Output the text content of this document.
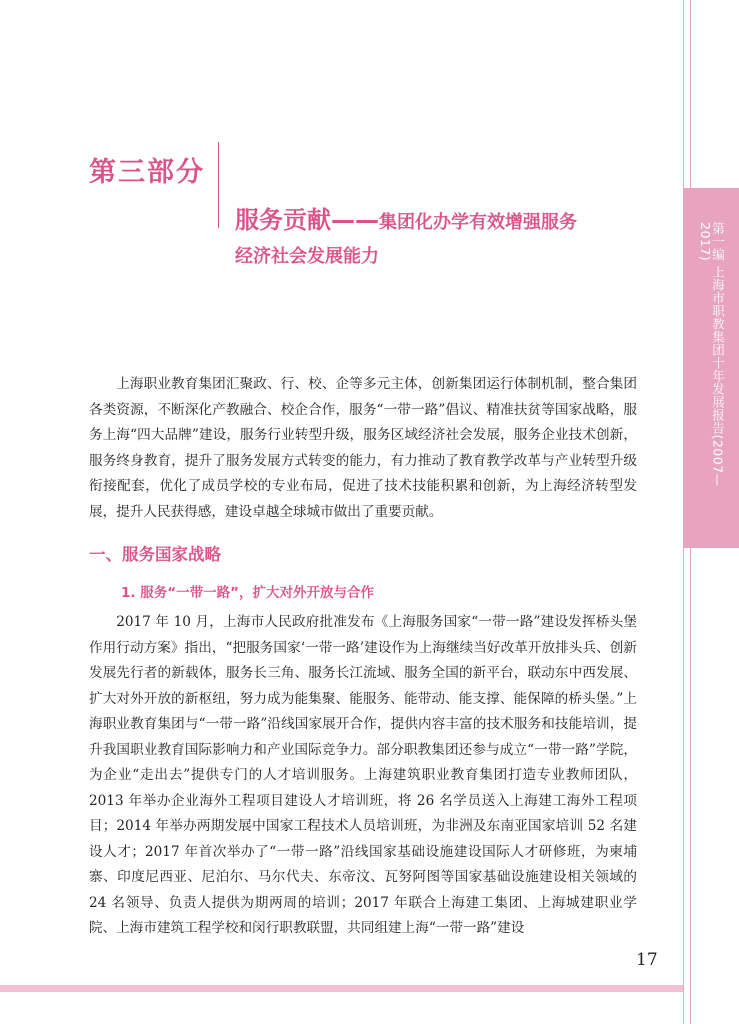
第一编 上海市职教集团十年发展报告(2007—2017)
第三部分
服务贡献——集团化办学有效增强服务
经济社会发展能力

上海职业教育集团汇聚政、行、校、企等多元主体，创新集团运行体制机制，整合集团各类资源，不断深化产教融合、校企合作，服务“一带一路”倡议、精准扶贫等国家战略，服务上海“四大品牌”建设，服务行业转型升级，服务区域经济社会发展，服务企业技术创新，服务终身教育，提升了服务发展方式转变的能力，有力推动了教育教学改革与产业转型升级衔接配套，优化了成员学校的专业布局，促进了技术技能积累和创新，为上海经济转型发展，提升人民获得感，建设卓越全球城市做出了重要贡献。

一、服务国家战略
1. 服务“一带一路”，扩大对外开放与合作

2017 年 10 月，上海市人民政府批准发布《上海服务国家“一带一路”建设发挥桥头堡作用行动方案》指出，“把服务国家‘一带一路’建设作为上海继续当好改革开放排头兵、创新发展先行者的新载体，服务长三角、服务长江流域、服务全国的新平台，联动东中西发展、扩大对外开放的新枢纽，努力成为能集聚、能服务、能带动、能支撑、能保障的桥头堡。”上海职业教育集团与“一带一路”沿线国家展开合作，提供内容丰富的技术服务和技能培训，提升我国职业教育国际影响力和产业国际竞争力。部分职教集团还参与成立“一带一路”学院，为企业“走出去”提供专门的人才培训服务。上海建筑职业教育集团打造专业教师团队，2013 年举办企业海外工程项目建设人才培训班，将 26 名学员送入上海建工海外工程项目；2014 年举办两期发展中国家工程技术人员培训班，为非洲及东南亚国家培训 52 名建设人才；2017 年首次举办了“一带一路”沿线国家基础设施建设国际人才研修班，为柬埔寨、印度尼西亚、尼泊尔、马尔代夫、东帝汶、瓦努阿图等国家基础设施建设相关领域的 24 名领导、负责人提供为期两周的培训；2017 年联合上海建工集团、上海城建职业学院、上海市建筑工程学校和闵行职教联盟，共同组建上海“一带一路”建设

17
